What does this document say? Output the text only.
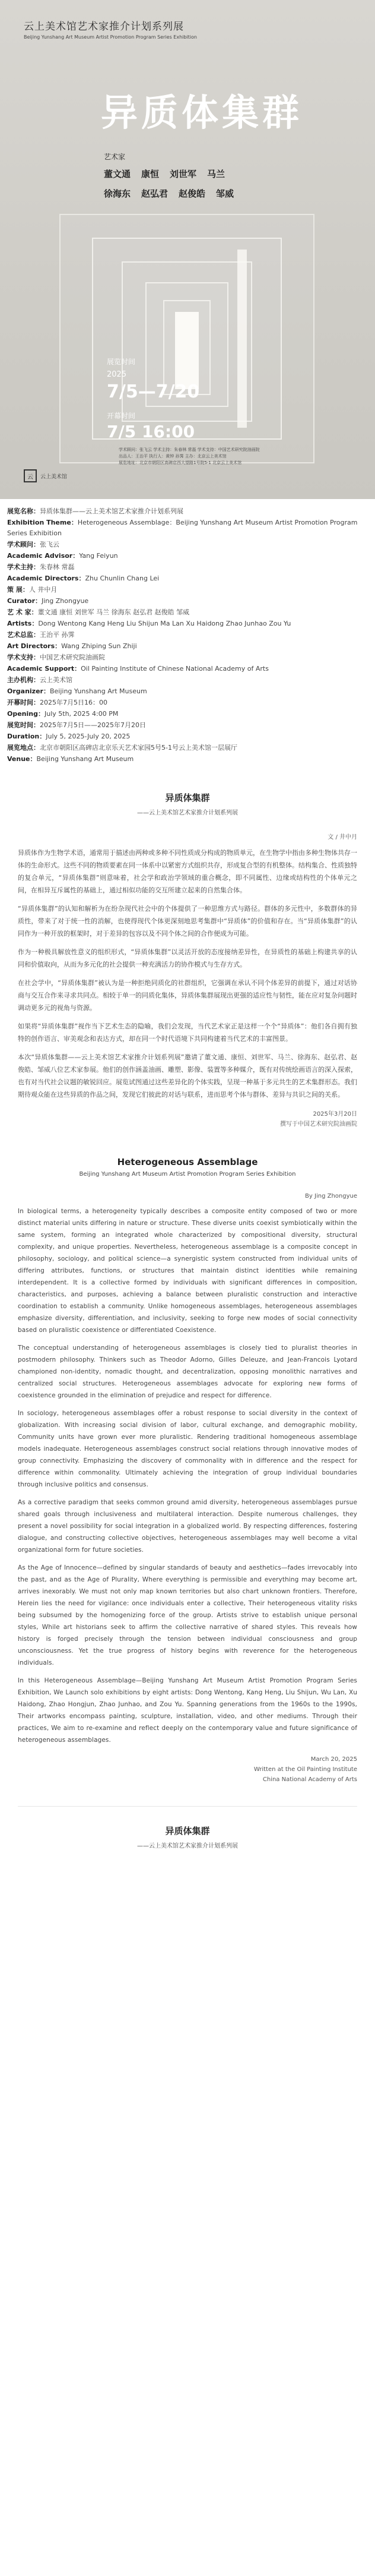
云上美术馆艺术家推介计划系列展
Beijing Yunshang Art Museum Artist Promotion Program Series Exhibition
异质体集群
艺术家
董文通 康恒 刘世军 马兰
徐海东 赵弘君 赵俊皓 邹威
展览时间
2025
7/5—7/20
开幕时间
7/5 16:00
学术顾问：张飞云 学术主持：朱春林 常磊 学术支持：中国艺术研究院油画院
出品人：王治平 执行人：黄钟 孙霁 主办：北京云上美术馆
展览地址：北京市朝阳区高碑店西大望路1号院5-1 北京云上美术馆
云	云上美术馆
展览名称：异质体集群——云上美术馆艺术家推介计划系列展
Exhibition Theme：Heterogeneous Assemblage：Beijing Yunshang Art Museum Artist Promotion Program Series Exhibition
学术顾问：张飞云
Academic Advisor：Yang Feiyun
学术主持：朱春林 常磊
Academic Directors：Zhu Chunlin Chang Lei
策 展：人 井中月
Curator：Jing Zhongyue
艺 术 家：董文通 康恒 刘世军 马兰 徐海东 赵弘君 赵俊皓 邹威
Artists：Dong Wentong Kang Heng Liu Shijun Ma Lan Xu Haidong Zhao Junhao Zou Yu
艺术总监：王治平 孙霁
Art Directors：Wang Zhiping Sun Zhiji
学术支持：中国艺术研究院油画院
Academic Support：Oil Painting Institute of Chinese National Academy of Arts
主办机构：云上美术馆
Organizer：Beijing Yunshang Art Museum
开幕时间：2025年7月5日16：00
Opening：July 5th, 2025 4:00 PM
展览时间：2025年7月5日——2025年7月20日
Duration：July 5, 2025-July 20, 2025
展览地点：北京市朝阳区高碑店北京乐天艺术家园5号5-1号云上美术馆一层展厅
Venue：Beijing Yunshang Art Museum
异质体集群
——云上美术馆艺术家推介计划系列展
文 / 井中月

异质体作为生物学术语，通常用于描述由两种或多种不同性质成分构成的物质单元，在生物学中指由多种生物体共存一体的生命形式。这些不同的物质要素在同一体系中以紧密方式组织共存，形成复合型的有机整体。结构集合、性质独特的复合单元，“异质体集群”则意味着，社会学和政治学领域的重合概念，即不同属性、边缘或结构性的个体单元之间，在相异互斥属性的基础上，通过相似功能的交互所建立起来的自然集合体。

“异质体集群”的认知和解析为在纷杂现代社会中的个体提供了一种思维方式与路径。群体的多元性中，多数群体的异质性，带来了对于统一性的消解，也使得现代个体更深刻地思考集群中“异质体”的价值和存在。当“异质体集群”的认同作为一种开放的框架时，对于差异的包容以及不同个体之间的合作便成为可能。

作为一种极具解放性意义的组织形式，“异质体集群”以灵活开放的态度接纳差异性，在异质性的基础上构建共享的认同和价值取向，从而为多元化的社会提供一种充满活力的协作模式与生存方式。

在社会学中，“异质体集群”被认为是一种拒绝同质化的社群组织，它强调在承认不同个体差异的前提下，通过对话协商与交互合作来寻求共同点。相较于单一的同质化集体，异质体集群展现出更强的适应性与韧性，能在应对复杂问题时调动更多元的视角与资源。

如果将“异质体集群”视作当下艺术生态的隐喻，我们会发现，当代艺术家正是这样一个个“异质体”：他们各自拥有独特的创作语言、审美观念和表达方式，却在同一个时代语境下共同构建着当代艺术的丰富图景。

本次“异质体集群——云上美术馆艺术家推介计划系列展”邀请了董文通、康恒、刘世军、马兰、徐海东、赵弘君、赵俊皓、邹威八位艺术家参展。他们的创作涵盖油画、雕塑、影像、装置等多种媒介，既有对传统绘画语言的深入探索，也有对当代社会议题的敏锐回应。展览试图通过这些差异化的个体实践，呈现一种基于多元共生的艺术集群形态。我们期待观众能在这些异质的作品之间，发现它们彼此的对话与联系，进而思考个体与群体、差异与共识之间的关系。

2025年3月20日
撰写于中国艺术研究院油画院
Heterogeneous Assemblage
Beijing Yunshang Art Museum Artist Promotion Program Series Exhibition
By Jing Zhongyue

In biological terms, a heterogeneity typically describes a composite entity composed of two or more distinct material units differing in nature or structure. These diverse units coexist symbiotically within the same system, forming an integrated whole characterized by compositional diversity, structural complexity, and unique properties. Nevertheless, heterogeneous assemblage is a composite concept in philosophy, sociology, and political science—a synergistic system constructed from individual units of differing attributes, functions, or structures that maintain distinct identities while remaining interdependent. It is a collective formed by individuals with significant differences in composition, characteristics, and purposes, achieving a balance between pluralistic construction and interactive coordination to establish a community. Unlike homogeneous assemblages, heterogeneous assemblages emphasize diversity, differentiation, and inclusivity, seeking to forge new modes of social connectivity based on pluralistic coexistence or differentiated Coexistence.

The conceptual understanding of heterogeneous assemblages is closely tied to pluralist theories in postmodern philosophy. Thinkers such as Theodor Adorno, Gilles Deleuze, and Jean-Francois Lyotard championed non-identity, nomadic thought, and decentralization, opposing monolithic narratives and centralized social structures. Heterogeneous assemblages advocate for exploring new forms of coexistence grounded in the elimination of prejudice and respect for difference.

In sociology, heterogeneous assemblages offer a robust response to social diversity in the context of globalization. With increasing social division of labor, cultural exchange, and demographic mobility, Community units have grown ever more pluralistic. Rendering traditional homogeneous assemblage models inadequate. Heterogeneous assemblages construct social relations through innovative modes of group connectivity. Emphasizing the discovery of commonality with in difference and the respect for difference within commonality. Ultimately achieving the integration of group individual boundaries through inclusive politics and consensus.

As a corrective paradigm that seeks common ground amid diversity, heterogeneous assemblages pursue shared goals through inclusiveness and multilateral interaction. Despite numerous challenges, they present a novel possibility for social integration in a globalized world. By respecting differences, fostering dialogue, and constructing collective objectives, heterogeneous assemblages may well become a vital organizational form for future societies.

As the Age of Innocence—defined by singular standards of beauty and aesthetics—fades irrevocably into the past, and as the Age of Plurality, Where everything is permissible and everything may become art, arrives inexorably. We must not only map known territories but also chart unknown frontiers. Therefore, Herein lies the need for vigilance: once individuals enter a collective, Their heterogeneous vitality risks being subsumed by the homogenizing force of the group. Artists strive to establish unique personal styles, While art historians seek to affirm the collective narrative of shared styles. This reveals how history is forged precisely through the tension between individual consciousness and group unconsciousness. Yet the true progress of history begins with reverence for the heterogeneous individuals.

In this Heterogeneous Assemblage—Beijing Yunshang Art Museum Artist Promotion Program Series Exhibition, We Launch solo exhibitions by eight artists: Dong Wentong, Kang Heng, Liu Shijun, Wu Lan, Xu Haidong, Zhao Hongjun, Zhao Junhao, and Zou Yu. Spanning generations from the 1960s to the 1990s, Their artworks encompass painting, sculpture, installation, video, and other mediums. Through their practices, We aim to re-examine and reflect deeply on the contemporary value and future significance of heterogeneous assemblages.

March 20, 2025
Written at the Oil Painting Institute
China National Academy of Arts
异质体集群
——云上美术馆艺术家推介计划系列展
